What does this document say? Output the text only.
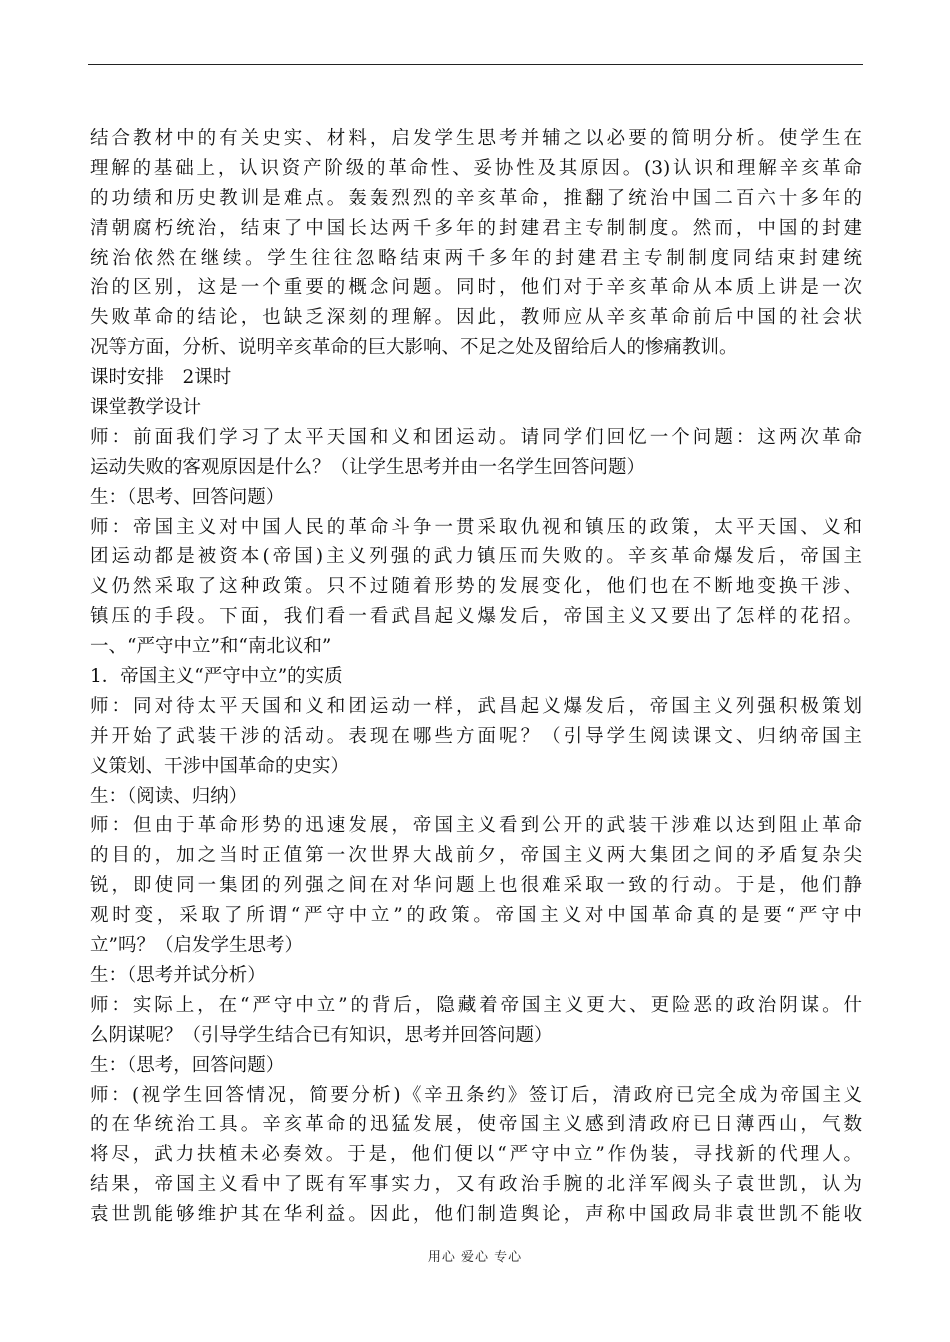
结合教材中的有关史实、材料，启发学生思考并辅之以必要的简明分析。使学生在
理解的基础上，认识资产阶级的革命性、妥协性及其原因。(3)认识和理解辛亥革命
的功绩和历史教训是难点。轰轰烈烈的辛亥革命，推翻了统治中国二百六十多年的
清朝腐朽统治，结束了中国长达两千多年的封建君主专制制度。然而，中国的封建
统治依然在继续。学生往往忽略结束两千多年的封建君主专制制度同结束封建统
治的区别，这是一个重要的概念问题。同时，他们对于辛亥革命从本质上讲是一次
失败革命的结论，也缺乏深刻的理解。因此，教师应从辛亥革命前后中国的社会状
况等方面，分析、说明辛亥革命的巨大影响、不足之处及留给后人的惨痛教训。
课时安排　2课时
课堂教学设计
师：前面我们学习了太平天国和义和团运动。请同学们回忆一个问题：这两次革命
运动失败的客观原因是什么？（让学生思考并由一名学生回答问题）
生：（思考、回答问题）
师：帝国主义对中国人民的革命斗争一贯采取仇视和镇压的政策，太平天国、义和
团运动都是被资本(帝国)主义列强的武力镇压而失败的。辛亥革命爆发后，帝国主
义仍然采取了这种政策。只不过随着形势的发展变化，他们也在不断地变换干涉、
镇压的手段。下面，我们看一看武昌起义爆发后，帝国主义又要出了怎样的花招。
一、“严守中立”和“南北议和”
1．帝国主义“严守中立”的实质
师：同对待太平天国和义和团运动一样，武昌起义爆发后，帝国主义列强积极策划
并开始了武装干涉的活动。表现在哪些方面呢？（引导学生阅读课文、归纳帝国主
义策划、干涉中国革命的史实）
生：（阅读、归纳）
师：但由于革命形势的迅速发展，帝国主义看到公开的武装干涉难以达到阻止革命
的目的，加之当时正值第一次世界大战前夕，帝国主义两大集团之间的矛盾复杂尖
锐，即使同一集团的列强之间在对华问题上也很难采取一致的行动。于是，他们静
观时变，采取了所谓“严守中立”的政策。帝国主义对中国革命真的是要“严守中
立”吗？（启发学生思考）
生：（思考并试分析）
师：实际上，在“严守中立”的背后，隐藏着帝国主义更大、更险恶的政治阴谋。什
么阴谋呢？（引导学生结合已有知识，思考并回答问题）
生：（思考，回答问题）
师：(视学生回答情况，简要分析)《辛丑条约》签订后，清政府已完全成为帝国主义
的在华统治工具。辛亥革命的迅猛发展，使帝国主义感到清政府已日薄西山，气数
将尽，武力扶植未必奏效。于是，他们便以“严守中立”作伪装，寻找新的代理人。
结果，帝国主义看中了既有军事实力，又有政治手腕的北洋军阀头子袁世凯，认为
袁世凯能够维护其在华利益。因此，他们制造舆论，声称中国政局非袁世凯不能收
用心 爱心 专心
